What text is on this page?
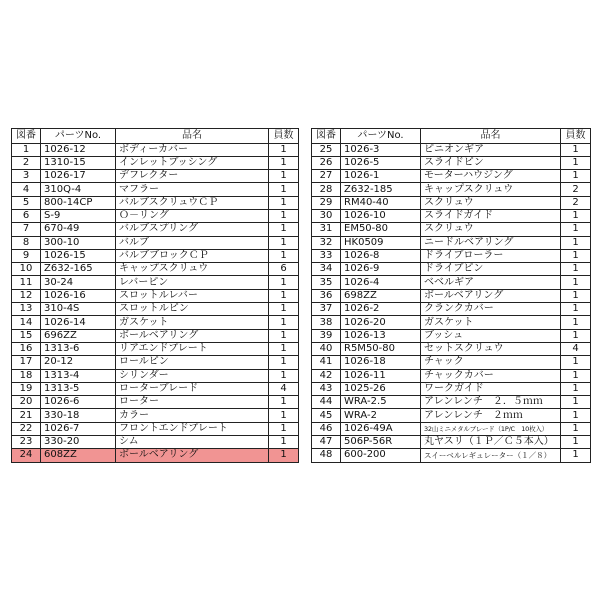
図番	パーツNo.	品名	員数
1	1026-12	ボディーカバー	1
2	1310-15	インレットブッシング	1
3	1026-17	デフレクター	1
4	310Q-4	マフラー	1
5	800-14CP	バルブスクリュウＣＰ	1
6	S-9	Ｏ－リング	1
7	670-49	バルブスプリング	1
8	300-10	バルブ	1
9	1026-15	バルブブロックＣＰ	1
10	Z632-165	キャップスクリュウ	6
11	30-24	レバーピン	1
12	1026-16	スロットルレバー	1
13	310-4S	スロットルピン	1
14	1026-14	ガスケット	1
15	696ZZ	ボールベアリング	1
16	1313-6	リアエンドプレート	1
17	20-12	ロールピン	1
18	1313-4	シリンダー	1
19	1313-5	ローターブレード	4
20	1026-6	ローター	1
21	330-18	カラー	1
22	1026-7	フロントエンドプレート	1
23	330-20	シム	1
24	608ZZ	ボールベアリング	1
図番	パーツNo.	品名	員数
25	1026-3	ピニオンギア	1
26	1026-5	スライドピン	1
27	1026-1	モーターハウジング	1
28	Z632-185	キャップスクリュウ	2
29	RM40-40	スクリュウ	2
30	1026-10	スライドガイド	1
31	EM50-80	スクリュウ	1
32	HK0509	ニードルベアリング	1
33	1026-8	ドライブローラー	1
34	1026-9	ドライブピン	1
35	1026-4	ベベルギア	1
36	698ZZ	ボールベアリング	1
37	1026-2	クランクカバー	1
38	1026-20	ガスケット	1
39	1026-13	ブッシュ	1
40	R5M50-80	セットスクリュウ	4
41	1026-18	チャック	1
42	1026-11	チャックカバー	1
43	1025-26	ワークガイド	1
44	WRA-2.5	アレンレンチ　２．５ｍｍ	1
45	WRA-2	アレンレンチ　２ｍｍ	1
46	1026-49A	32山ミニメタルブレード（1P/C　10枚入）	1
47	506P-56R	丸ヤスリ（１Ｐ／Ｃ５本入）	1
48	600-200	スイーベルレギュレーター（１／８）	1
